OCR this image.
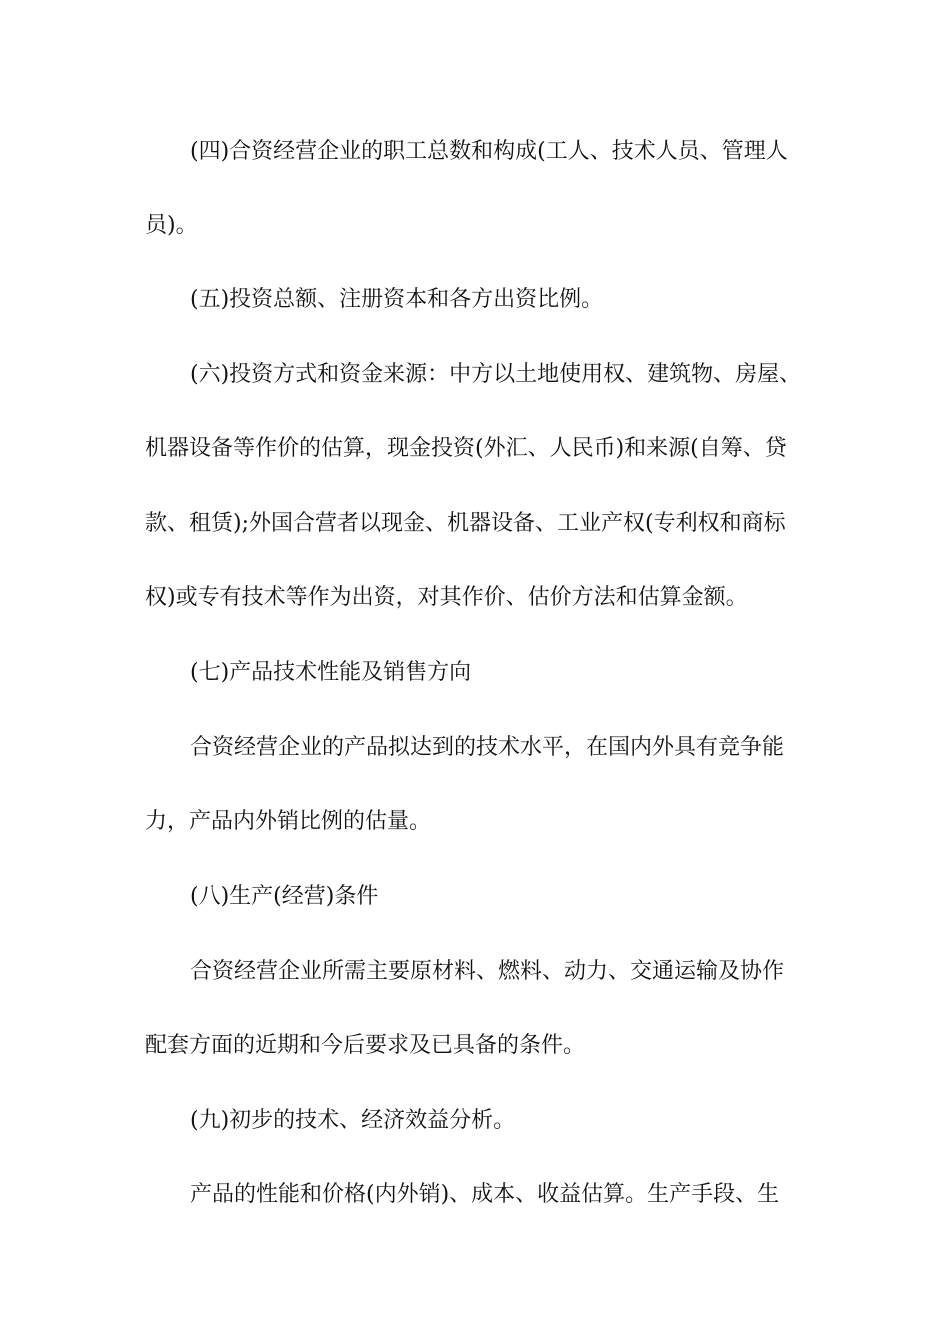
(四)合资经营企业的职工总数和构成(工人、技术人员、管理人
员)。
(五)投资总额、注册资本和各方出资比例。
(六)投资方式和资金来源：中方以土地使用权、建筑物、房屋、
机器设备等作价的估算，现金投资(外汇、人民币)和来源(自筹、贷
款、租赁);外国合营者以现金、机器设备、工业产权(专利权和商标
权)或专有技术等作为出资，对其作价、估价方法和估算金额。
(七)产品技术性能及销售方向
合资经营企业的产品拟达到的技术水平，在国内外具有竞争能
力，产品内外销比例的估量。
(八)生产(经营)条件
合资经营企业所需主要原材料、燃料、动力、交通运输及协作
配套方面的近期和今后要求及已具备的条件。
(九)初步的技术、经济效益分析。
产品的性能和价格(内外销)、成本、收益估算。生产手段、生
